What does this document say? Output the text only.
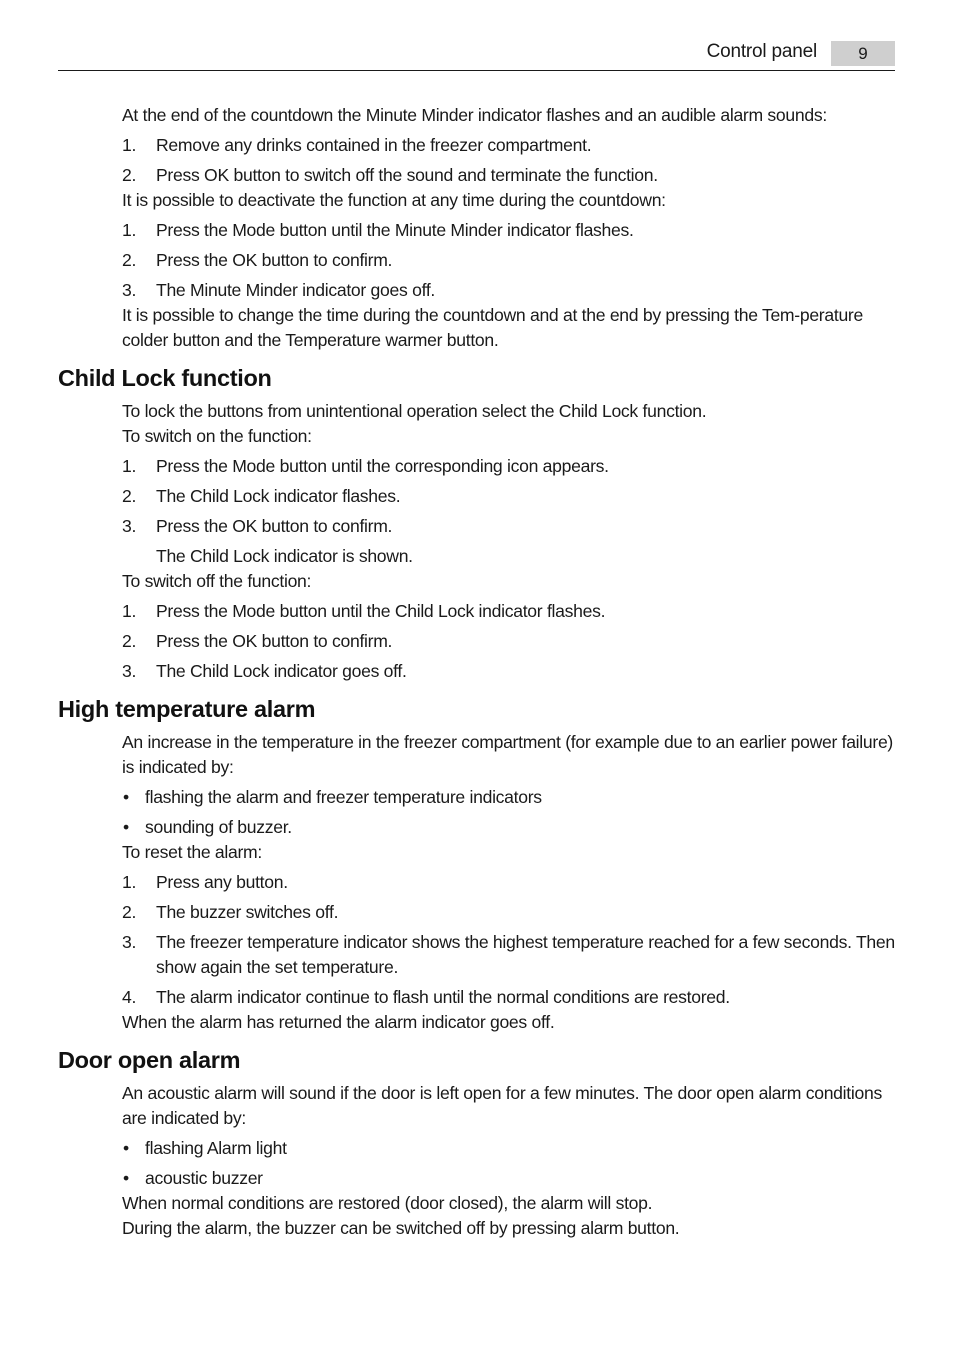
Control panel	9

At the end of the countdown the Minute Minder indicator flashes and an audible alarm sounds:

1. Remove any drinks contained in the freezer compartment.
2. Press OK button to switch off the sound and terminate the function.

It is possible to deactivate the function at any time during the countdown:

1. Press the Mode button until the Minute Minder indicator flashes.
2. Press the OK button to confirm.
3. The Minute Minder indicator goes off.

It is possible to change the time during the countdown and at the end by pressing the Tem-perature colder button and the Temperature warmer button.

Child Lock function

To lock the buttons from unintentional operation select the Child Lock function.

To switch on the function:

1. Press the Mode button until the corresponding icon appears.
2. The Child Lock indicator flashes.
3. Press the OK button to confirm.

The Child Lock indicator is shown.

To switch off the function:

1. Press the Mode button until the Child Lock indicator flashes.
2. Press the OK button to confirm.
3. The Child Lock indicator goes off.
High temperature alarm

An increase in the temperature in the freezer compartment (for example due to an earlier power failure) is indicated by:

• flashing the alarm and freezer temperature indicators
• sounding of buzzer.

To reset the alarm:

1. Press any button.
2. The buzzer switches off.
3. The freezer temperature indicator shows the highest temperature reached for a few seconds. Then show again the set temperature.
4. The alarm indicator continue to flash until the normal conditions are restored.

When the alarm has returned the alarm indicator goes off.

Door open alarm

An acoustic alarm will sound if the door is left open for a few minutes. The door open alarm conditions are indicated by:

• flashing Alarm light
• acoustic buzzer

When normal conditions are restored (door closed), the alarm will stop.

During the alarm, the buzzer can be switched off by pressing alarm button.
